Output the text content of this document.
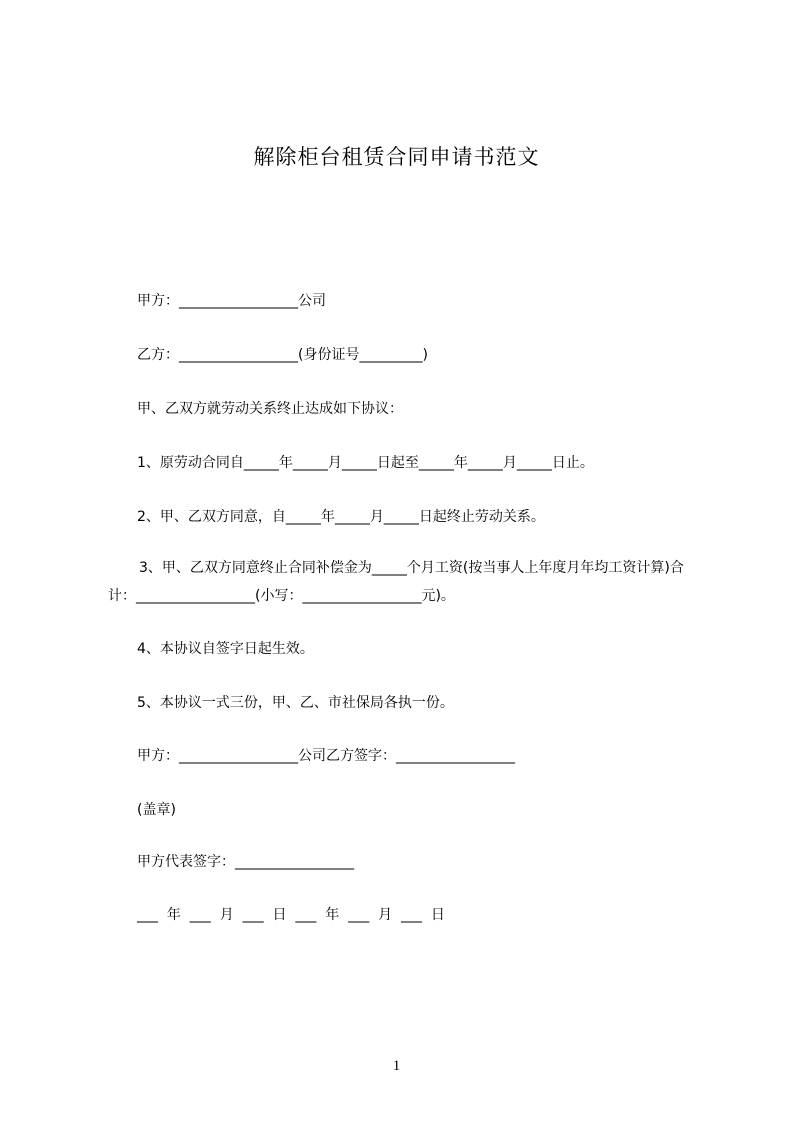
解除柜台租赁合同申请书范文
甲方：_________________公司
乙方：_________________(身份证号_________)
甲、乙双方就劳动关系终止达成如下协议：
1、原劳动合同自_____年_____月_____日起至_____年_____月_____日止。
2、甲、乙双方同意，自_____年_____月_____日起终止劳动关系。
3、甲、乙双方同意终止合同补偿金为_____个月工资(按当事人上年度月年均工资计算)合计：_________________(小写：_________________元)。
4、本协议自签字日起生效。
5、本协议一式三份，甲、乙、市社保局各执一份。
甲方：_________________公司乙方签字：_________________
(盖章)
甲方代表签字：_________________
___  年  ___  月  ___  日  ___  年  ___  月  ___  日
1
